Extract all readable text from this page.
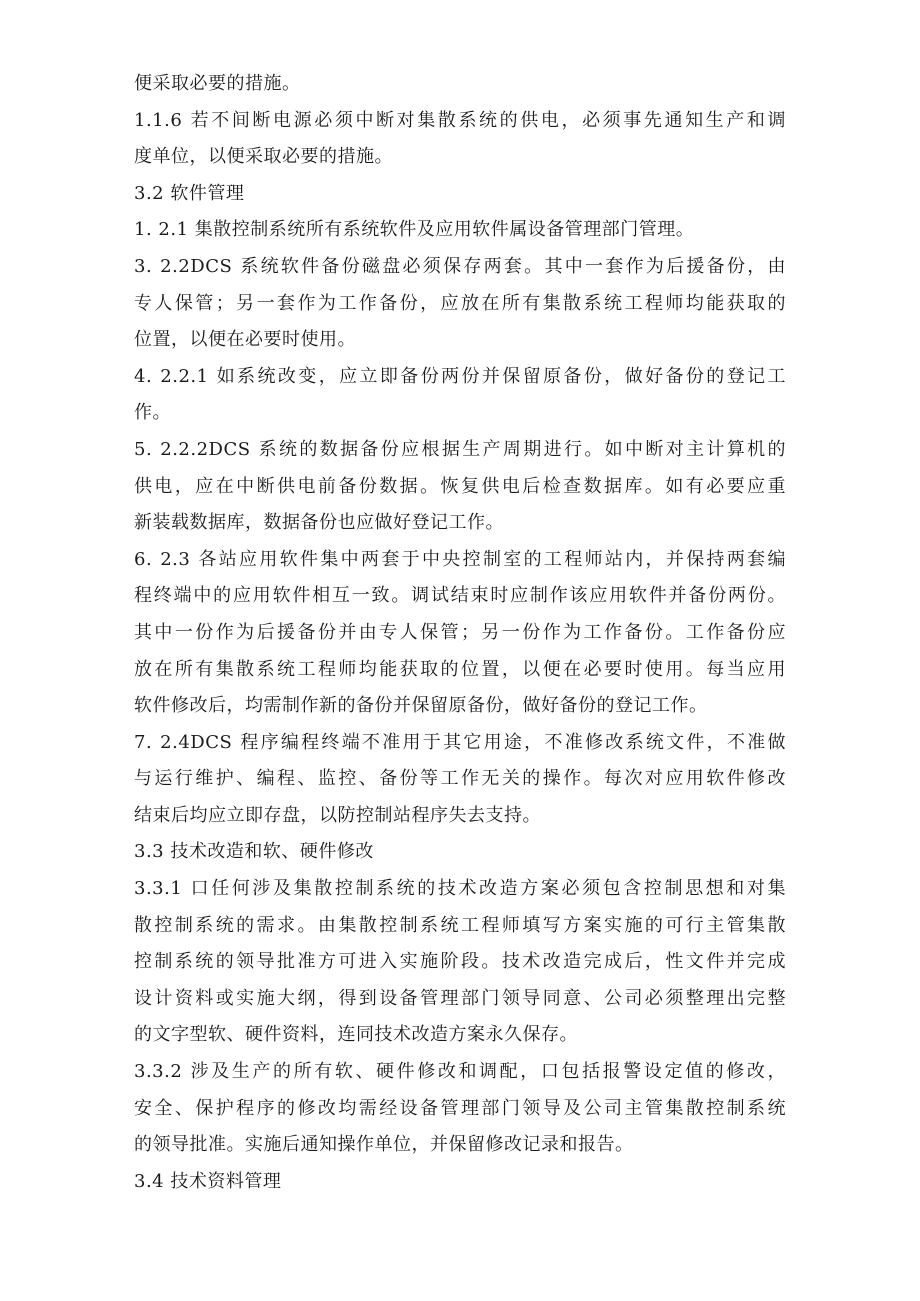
便采取必要的措施。
1.1.6 若不间断电源必须中断对集散系统的供电，必须事先通知生产和调
度单位，以便采取必要的措施。
3.2 软件管理
1. 2.1 集散控制系统所有系统软件及应用软件属设备管理部门管理。
3. 2.2DCS 系统软件备份磁盘必须保存两套。其中一套作为后援备份，由
专人保管；另一套作为工作备份，应放在所有集散系统工程师均能获取的
位置，以便在必要时使用。
4. 2.2.1 如系统改变，应立即备份两份并保留原备份，做好备份的登记工
作。
5. 2.2.2DCS 系统的数据备份应根据生产周期进行。如中断对主计算机的
供电，应在中断供电前备份数据。恢复供电后检查数据库。如有必要应重
新装载数据库，数据备份也应做好登记工作。
6. 2.3 各站应用软件集中两套于中央控制室的工程师站内，并保持两套编
程终端中的应用软件相互一致。调试结束时应制作该应用软件并备份两份。
其中一份作为后援备份并由专人保管；另一份作为工作备份。工作备份应
放在所有集散系统工程师均能获取的位置，以便在必要时使用。每当应用
软件修改后，均需制作新的备份并保留原备份，做好备份的登记工作。
7. 2.4DCS 程序编程终端不准用于其它用途，不准修改系统文件，不准做
与运行维护、编程、监控、备份等工作无关的操作。每次对应用软件修改
结束后均应立即存盘，以防控制站程序失去支持。
3.3 技术改造和软、硬件修改
3.3.1 口任何涉及集散控制系统的技术改造方案必须包含控制思想和对集
散控制系统的需求。由集散控制系统工程师填写方案实施的可行主管集散
控制系统的领导批准方可进入实施阶段。技术改造完成后，性文件并完成
设计资料或实施大纲，得到设备管理部门领导同意、公司必须整理出完整
的文字型软、硬件资料，连同技术改造方案永久保存。
3.3.2 涉及生产的所有软、硬件修改和调配，口包括报警设定值的修改，
安全、保护程序的修改均需经设备管理部门领导及公司主管集散控制系统
的领导批准。实施后通知操作单位，并保留修改记录和报告。
3.4 技术资料管理
